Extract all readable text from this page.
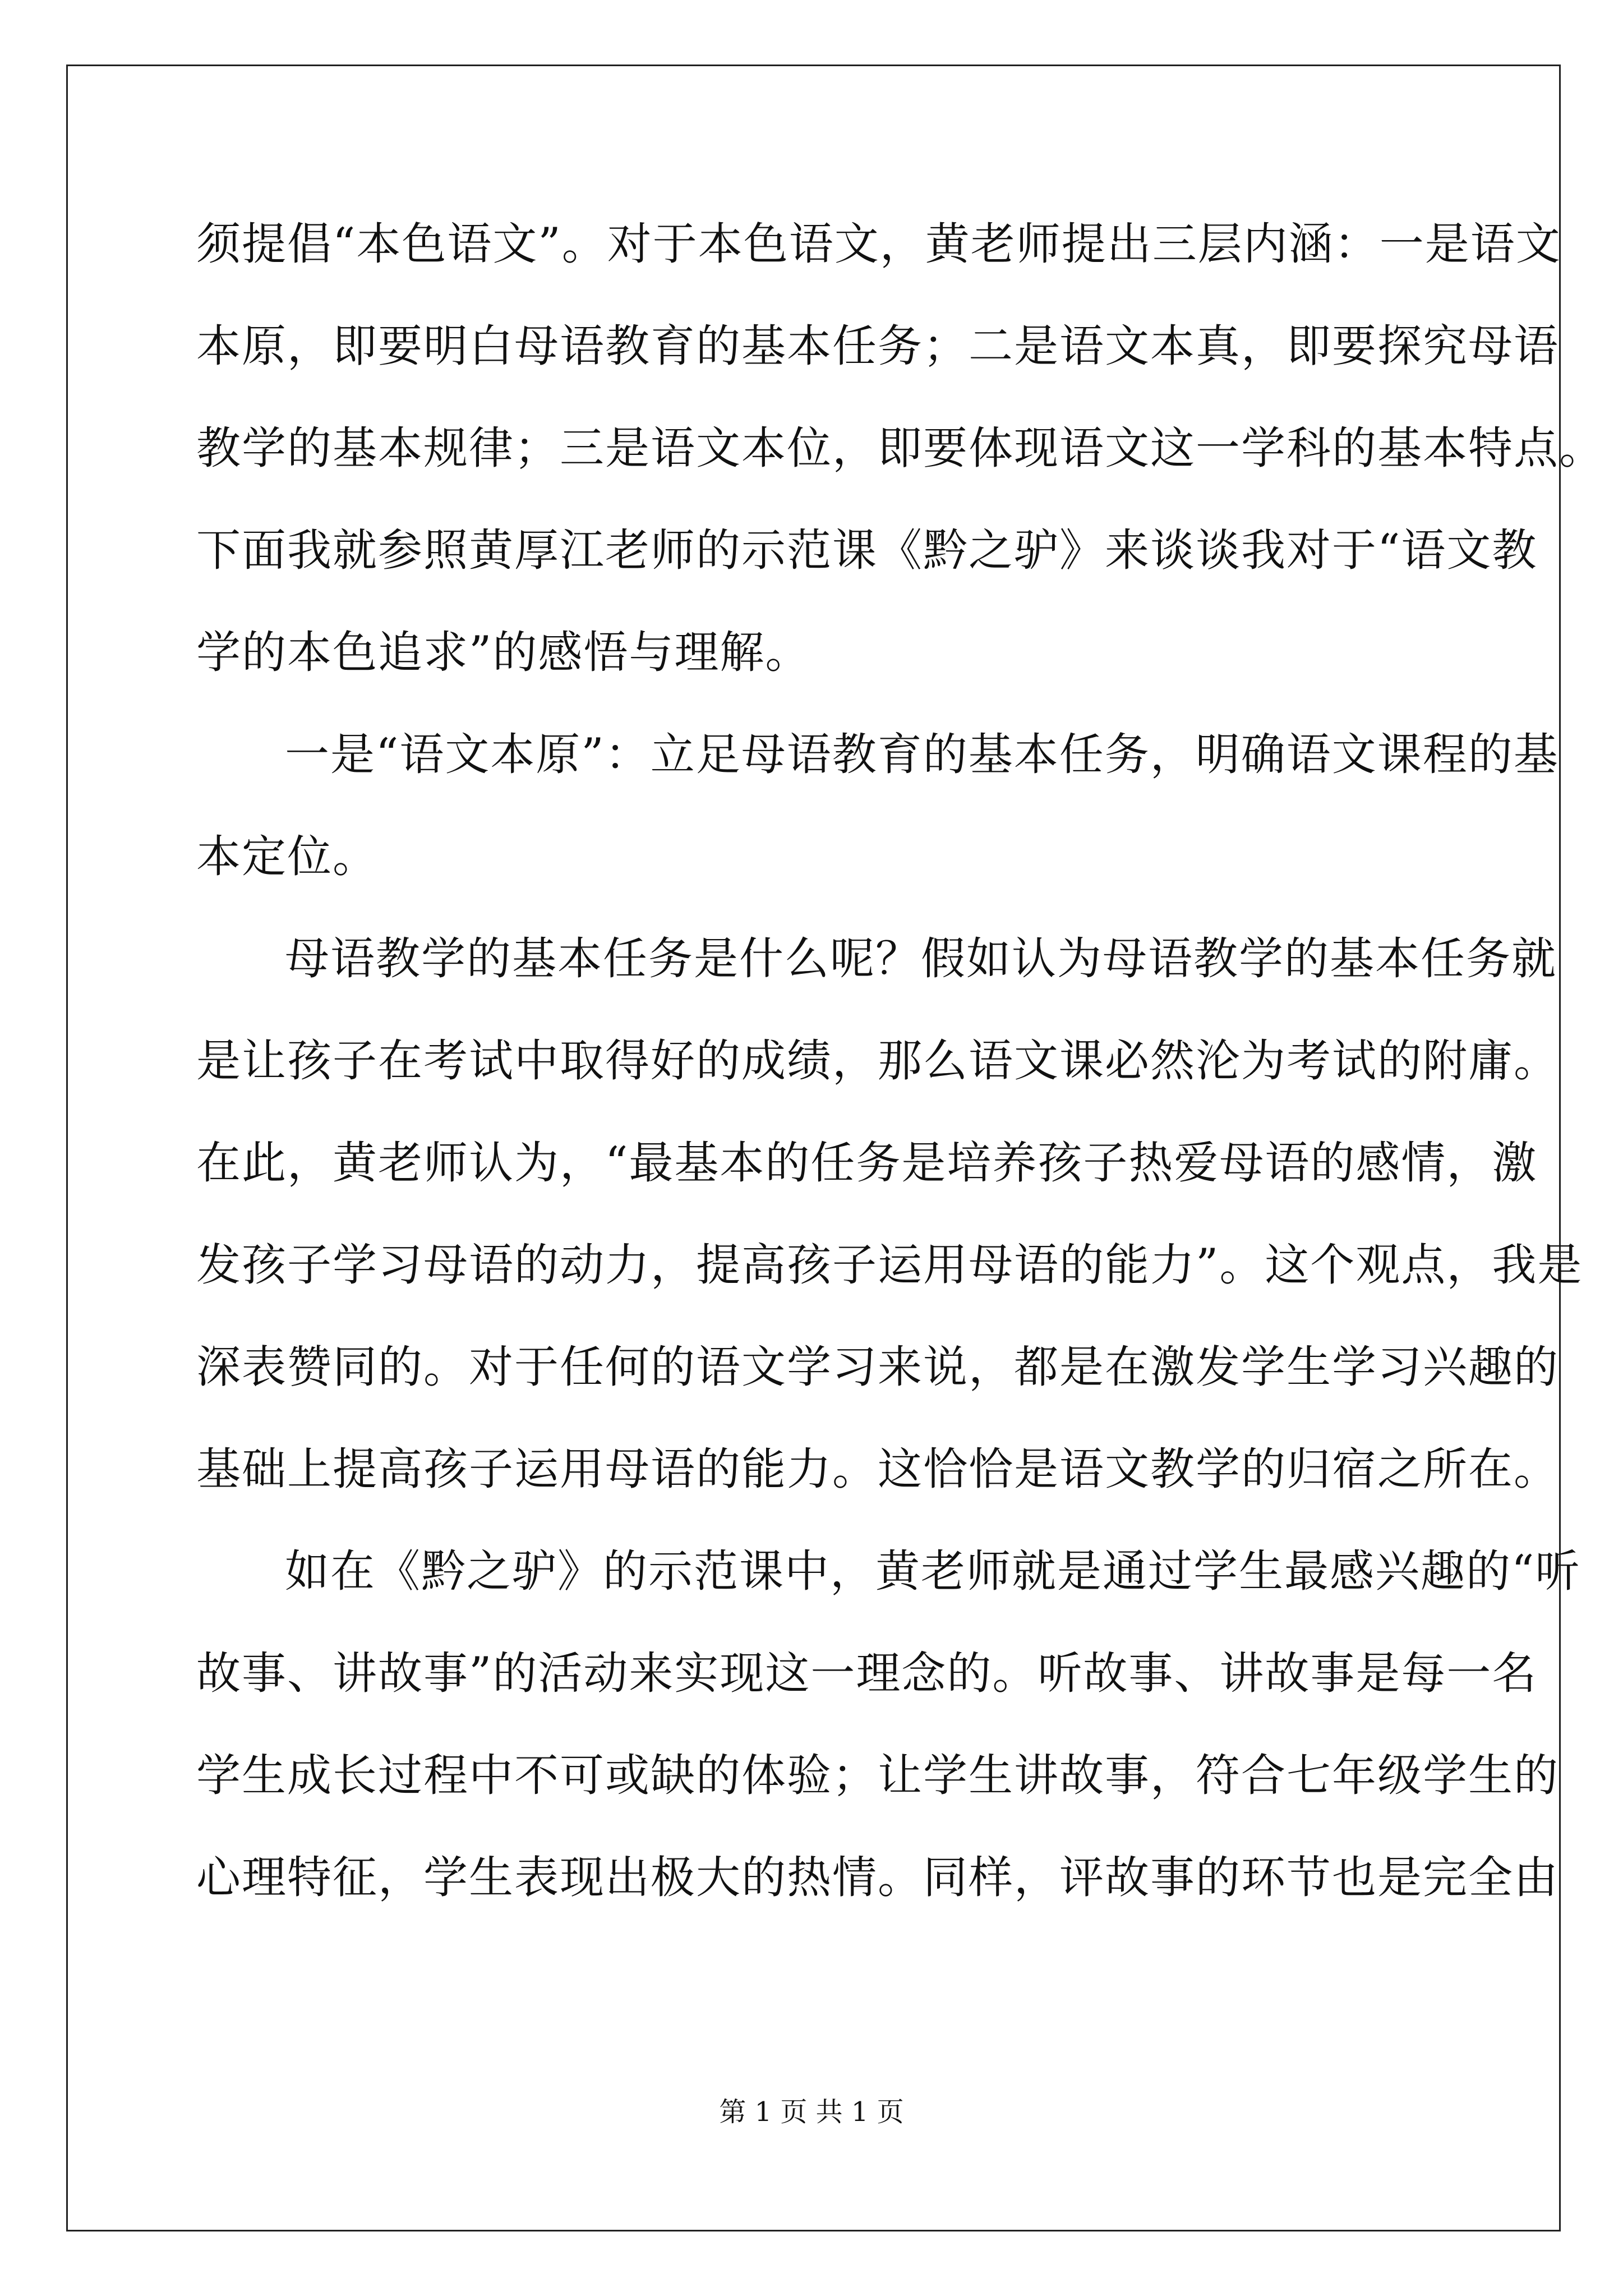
须提倡“本色语文”。对于本色语文，黄老师提出三层内涵：一是语文
本原，即要明白母语教育的基本任务；二是语文本真，即要探究母语
教学的基本规律；三是语文本位，即要体现语文这一学科的基本特点。
下面我就参照黄厚江老师的示范课《黔之驴》来谈谈我对于“语文教
学的本色追求”的感悟与理解。
一是“语文本原”：立足母语教育的基本任务，明确语文课程的基
本定位。
母语教学的基本任务是什么呢？假如认为母语教学的基本任务就
是让孩子在考试中取得好的成绩，那么语文课必然沦为考试的附庸。
在此，黄老师认为，“最基本的任务是培养孩子热爱母语的感情，激
发孩子学习母语的动力，提高孩子运用母语的能力”。这个观点，我是
深表赞同的。对于任何的语文学习来说，都是在激发学生学习兴趣的
基础上提高孩子运用母语的能力。这恰恰是语文教学的归宿之所在。
如在《黔之驴》的示范课中，黄老师就是通过学生最感兴趣的“听
故事、讲故事”的活动来实现这一理念的。听故事、讲故事是每一名
学生成长过程中不可或缺的体验；让学生讲故事，符合七年级学生的
心理特征，学生表现出极大的热情。同样，评故事的环节也是完全由
第 1 页 共 1 页
